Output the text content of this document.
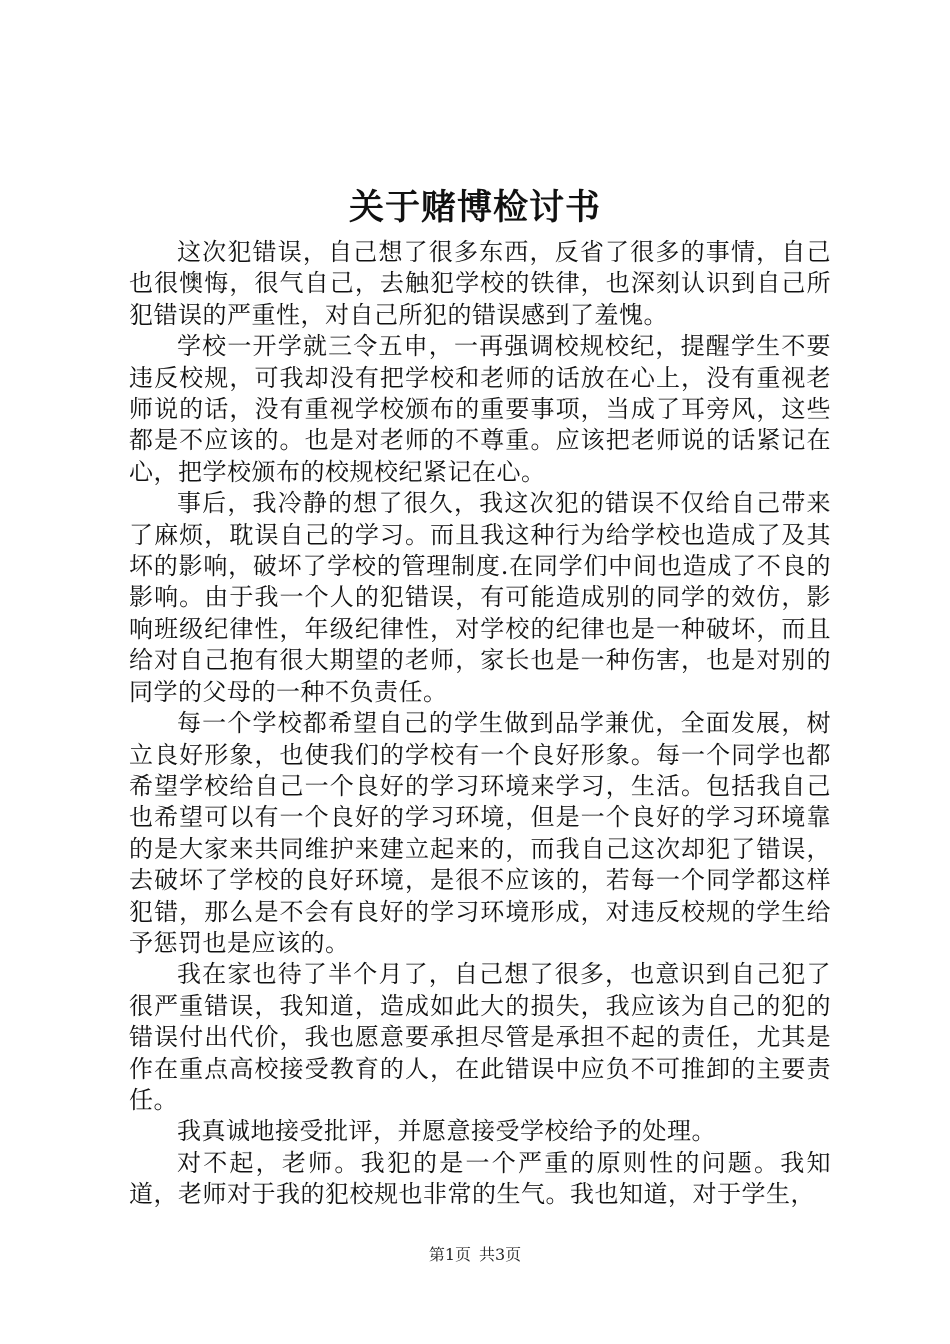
关于赌博检讨书

这次犯错误，自己想了很多东西，反省了很多的事情，自己也很懊悔，很气自己，去触犯学校的铁律，也深刻认识到自己所犯错误的严重性，对自己所犯的错误感到了羞愧。

学校一开学就三令五申，一再强调校规校纪，提醒学生不要违反校规，可我却没有把学校和老师的话放在心上，没有重视老师说的话，没有重视学校颁布的重要事项，当成了耳旁风，这些都是不应该的。也是对老师的不尊重。应该把老师说的话紧记在心，把学校颁布的校规校纪紧记在心。

事后，我冷静的想了很久，我这次犯的错误不仅给自己带来了麻烦，耽误自己的学习。而且我这种行为给学校也造成了及其坏的影响，破坏了学校的管理制度.在同学们中间也造成了不良的影响。由于我一个人的犯错误，有可能造成别的同学的效仿，影响班级纪律性，年级纪律性，对学校的纪律也是一种破坏，而且给对自己抱有很大期望的老师，家长也是一种伤害，也是对别的同学的父母的一种不负责任。

每一个学校都希望自己的学生做到品学兼优，全面发展，树立良好形象，也使我们的学校有一个良好形象。每一个同学也都希望学校给自己一个良好的学习环境来学习，生活。包括我自己也希望可以有一个良好的学习环境，但是一个良好的学习环境靠的是大家来共同维护来建立起来的，而我自己这次却犯了错误，去破坏了学校的良好环境，是很不应该的，若每一个同学都这样犯错，那么是不会有良好的学习环境形成，对违反校规的学生给予惩罚也是应该的。

我在家也待了半个月了，自己想了很多，也意识到自己犯了很严重错误，我知道，造成如此大的损失，我应该为自己的犯的错误付出代价，我也愿意要承担尽管是承担不起的责任，尤其是作在重点高校接受教育的人，在此错误中应负不可推卸的主要责任。

我真诚地接受批评，并愿意接受学校给予的处理。

对不起，老师。我犯的是一个严重的原则性的问题。我知道，老师对于我的犯校规也非常的生气。我也知道，对于学生，

第1页 共3页
